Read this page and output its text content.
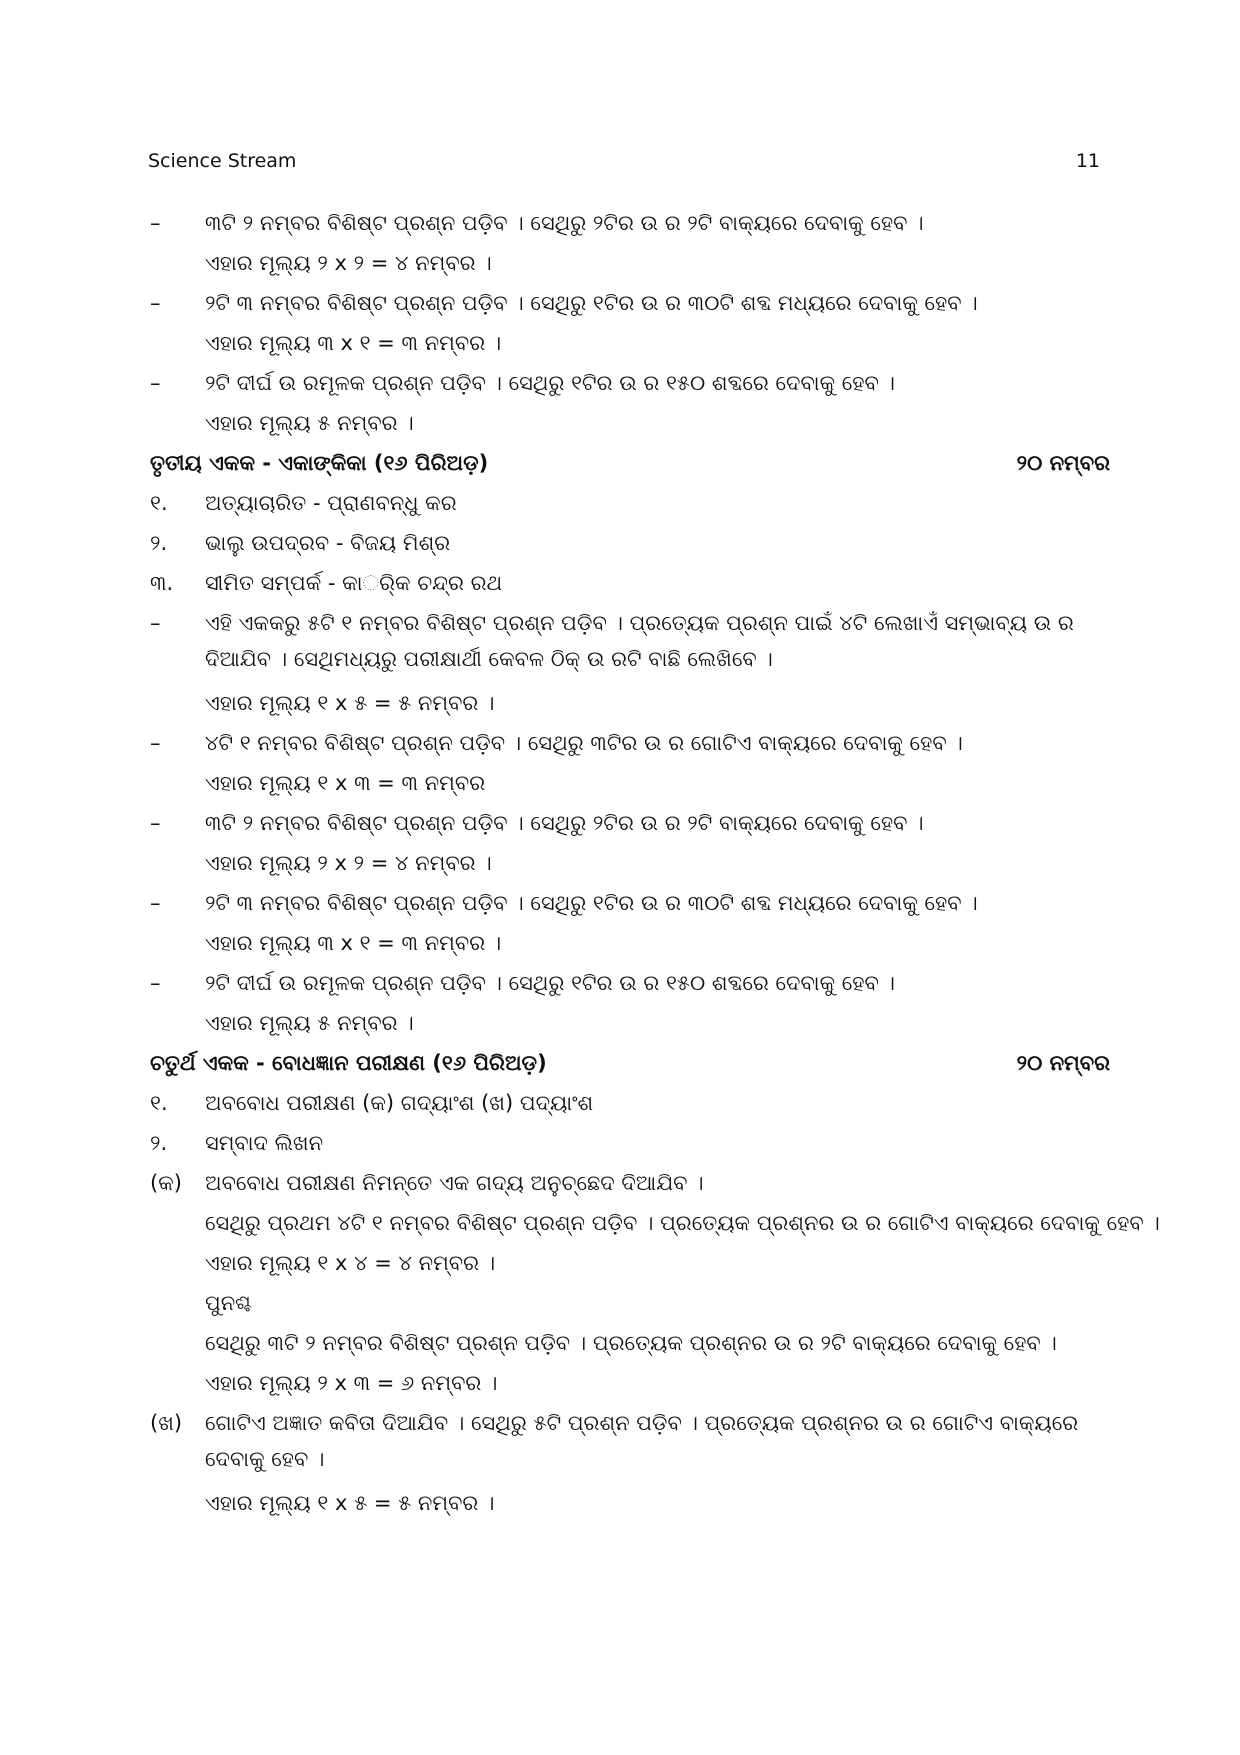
Science Stream	11
–	୩ଟି ୨ ନମ୍ବର ବିଶିଷ୍ଟ ପ୍ରଶ୍ନ ପଡ଼ିବ । ସେଥିରୁ ୨ଟିର ଉ ର ୨ଟି ବାକ୍ୟରେ ଦେବାକୁ ହେବ ।
ଏହାର ମୂଲ୍ୟ ୨ x ୨ = ୪ ନମ୍ବର ।
–	୨ଟି ୩ ନମ୍ବର ବିଶିଷ୍ଟ ପ୍ରଶ୍ନ ପଡ଼ିବ । ସେଥିରୁ ୧ଟିର ଉ ର ୩୦ଟି ଶବ୍ଦ ମଧ୍ୟରେ ଦେବାକୁ ହେବ ।
ଏହାର ମୂଲ୍ୟ ୩ x ୧ = ୩ ନମ୍ବର ।
–	୨ଟି ଦୀର୍ଘ ଉ ରମୂଳକ ପ୍ରଶ୍ନ ପଡ଼ିବ । ସେଥିରୁ ୧ଟିର ଉ ର ୧୫୦ ଶବ୍ଦରେ ଦେବାକୁ ହେବ ।
ଏହାର ମୂଲ୍ୟ ୫ ନମ୍ବର ।
ତୃତୀୟ ଏକକ - ଏକାଙ୍କିକା (୧୬ ପିରିଅଡ଼)	୨୦ ନମ୍ବର
୧.	ଅତ୍ୟାଚାରିତ - ପ୍ରାଣବନ୍ଧୁ କର
୨.	ଭାଲୁ ଉପଦ୍ରବ - ବିଜୟ ମିଶ୍ର
୩.	ସୀମିତ ସମ୍ପର୍କ - କାର୍ିକ ଚନ୍ଦ୍ର ରଥ
–	ଏହି ଏକକରୁ ୫ଟି ୧ ନମ୍ବର ବିଶିଷ୍ଟ ପ୍ରଶ୍ନ ପଡ଼ିବ । ପ୍ରତ୍ୟେକ ପ୍ରଶ୍ନ ପାଇଁ ୪ଟି ଲେଖାଏଁ ସମ୍ଭାବ୍ୟ ଉ ର ଦିଆଯିବ । ସେଥିମଧ୍ୟରୁ ପରୀକ୍ଷାର୍ଥୀ କେବଳ ଠିକ୍ ଉ ରଟି ବାଛି ଲେଖିବେ ।
ଏହାର ମୂଲ୍ୟ ୧ x ୫ = ୫ ନମ୍ବର ।
–	୪ଟି ୧ ନମ୍ବର ବିଶିଷ୍ଟ ପ୍ରଶ୍ନ ପଡ଼ିବ । ସେଥିରୁ ୩ଟିର ଉ ର ଗୋଟିଏ ବାକ୍ୟରେ ଦେବାକୁ ହେବ ।
ଏହାର ମୂଲ୍ୟ ୧ x ୩ = ୩ ନମ୍ବର
–	୩ଟି ୨ ନମ୍ବର ବିଶିଷ୍ଟ ପ୍ରଶ୍ନ ପଡ଼ିବ । ସେଥିରୁ ୨ଟିର ଉ ର ୨ଟି ବାକ୍ୟରେ ଦେବାକୁ ହେବ ।
ଏହାର ମୂଲ୍ୟ ୨ x ୨ = ୪ ନମ୍ବର ।
–	୨ଟି ୩ ନମ୍ବର ବିଶିଷ୍ଟ ପ୍ରଶ୍ନ ପଡ଼ିବ । ସେଥିରୁ ୧ଟିର ଉ ର ୩୦ଟି ଶବ୍ଦ ମଧ୍ୟରେ ଦେବାକୁ ହେବ ।
ଏହାର ମୂଲ୍ୟ ୩ x ୧ = ୩ ନମ୍ବର ।
–	୨ଟି ଦୀର୍ଘ ଉ ରମୂଳକ ପ୍ରଶ୍ନ ପଡ଼ିବ । ସେଥିରୁ ୧ଟିର ଉ ର ୧୫୦ ଶବ୍ଦରେ ଦେବାକୁ ହେବ ।
ଏହାର ମୂଲ୍ୟ ୫ ନମ୍ବର ।
ଚତୁର୍ଥ ଏକକ - ବୋଧଜ୍ଞାନ ପରୀକ୍ଷଣ (୧୬ ପିରିଅଡ଼)	୨୦ ନମ୍ବର
୧.	ଅବବୋଧ ପରୀକ୍ଷଣ (କ) ଗଦ୍ୟାଂଶ (ଖ) ପଦ୍ୟାଂଶ
୨.	ସମ୍ବାଦ ଲିଖନ
(କ)	ଅବବୋଧ ପରୀକ୍ଷଣ ନିମନ୍ତେ ଏକ ଗଦ୍ୟ ଅନୁଚ୍ଛେଦ ଦିଆଯିବ ।
ସେଥିରୁ ପ୍ରଥମ ୪ଟି ୧ ନମ୍ବର ବିଶିଷ୍ଟ ପ୍ରଶ୍ନ ପଡ଼ିବ । ପ୍ରତ୍ୟେକ ପ୍ରଶ୍ନର ଉ ର ଗୋଟିଏ ବାକ୍ୟରେ ଦେବାକୁ ହେବ ।
ଏହାର ମୂଲ୍ୟ ୧ x ୪ = ୪ ନମ୍ବର ।
ପୁନଶ୍ଚ
ସେଥିରୁ ୩ଟି ୨ ନମ୍ବର ବିଶିଷ୍ଟ ପ୍ରଶ୍ନ ପଡ଼ିବ । ପ୍ରତ୍ୟେକ ପ୍ରଶ୍ନର ଉ ର ୨ଟି ବାକ୍ୟରେ ଦେବାକୁ ହେବ ।
ଏହାର ମୂଲ୍ୟ ୨ x ୩ = ୬ ନମ୍ବର ।
(ଖ)	ଗୋଟିଏ ଅଜ୍ଞାତ କବିତା ଦିଆଯିବ । ସେଥିରୁ ୫ଟି ପ୍ରଶ୍ନ ପଡ଼ିବ । ପ୍ରତ୍ୟେକ ପ୍ରଶ୍ନର ଉ ର ଗୋଟିଏ ବାକ୍ୟରେ ଦେବାକୁ ହେବ ।
ଏହାର ମୂଲ୍ୟ ୧ x ୫ = ୫ ନମ୍ବର ।
